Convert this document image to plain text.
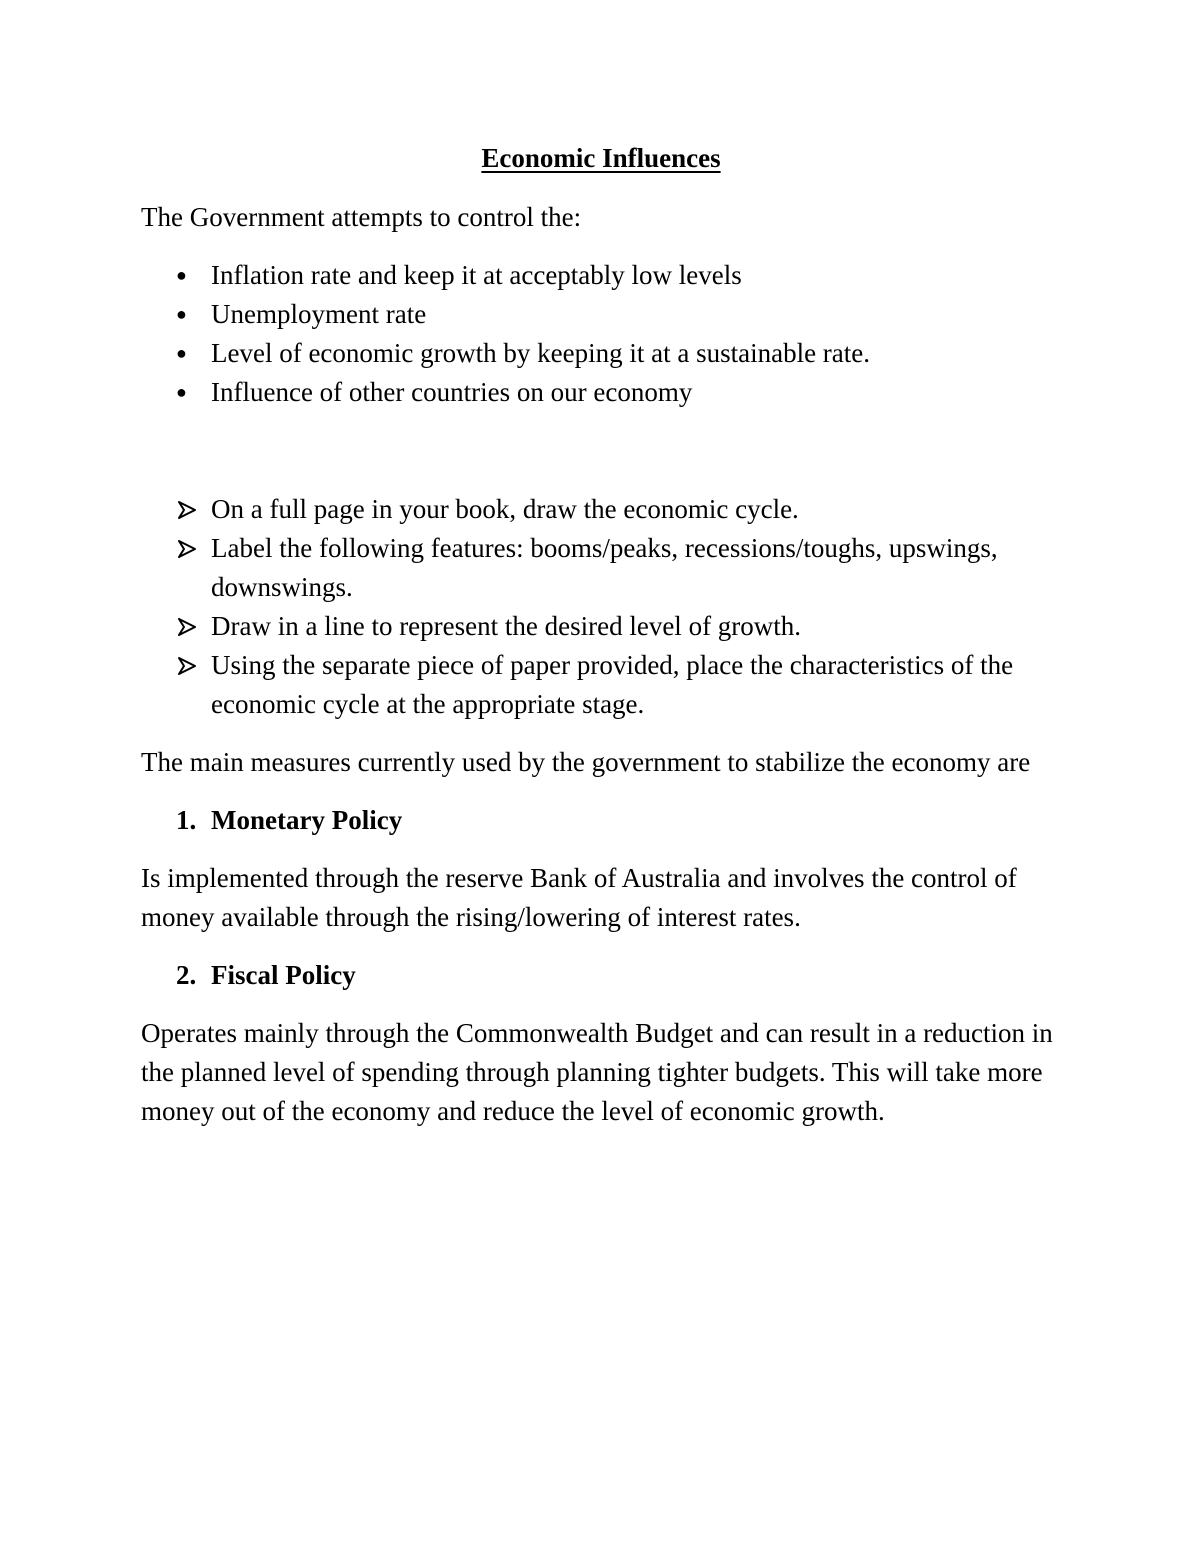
Economic Influences

The Government attempts to control the:

● Inflation rate and keep it at acceptably low levels
● Unemployment rate
● Level of economic growth by keeping it at a sustainable rate.
● Influence of other countries on our economy
On a full page in your book, draw the economic cycle.
Label the following features: booms/peaks, recessions/toughs, upswings, downswings.
Draw in a line to represent the desired level of growth.
Using the separate piece of paper provided, place the characteristics of the economic cycle at the appropriate stage.

The main measures currently used by the government to stabilize the economy are

1. Monetary Policy

Is implemented through the reserve Bank of Australia and involves the control of money available through the rising/lowering of interest rates.

2. Fiscal Policy

Operates mainly through the Commonwealth Budget and can result in a reduction in the planned level of spending through planning tighter budgets. This will take more money out of the economy and reduce the level of economic growth.
